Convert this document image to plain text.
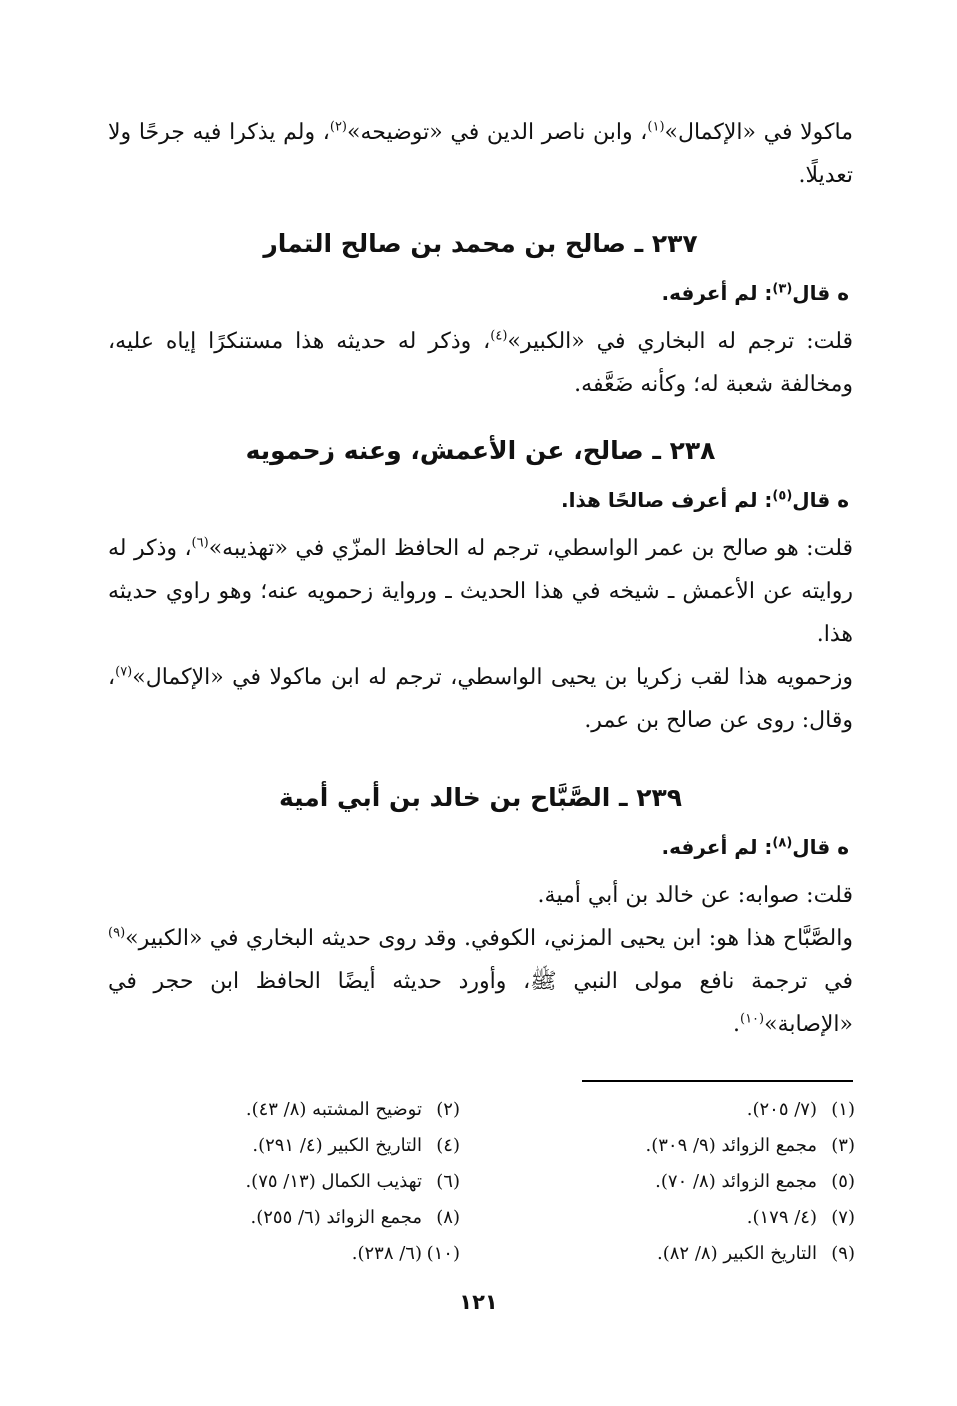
ماكولا في «الإكمال»$^{(١)}$، وابن ناصر الدين في «توضيحه»$^{(٢)}$، ولم يذكرا فيه جرحًا ولا تعديلًا.

٢٣٧ ـ صالح بن محمد بن صالح التمار

ه قال$^{(٣)}$: لم أعرفه.

قلت: ترجم له البخاري في «الكبير»$^{(٤)}$، وذكر له حديثه هذا مستنكرًا إياه عليه، ومخالفة شعبة له؛ وكأنه ضَعَّفه.

٢٣٨ ـ صالح، عن الأعمش، وعنه زحمويه

ه قال$^{(٥)}$: لم أعرف صالحًا هذا.

قلت: هو صالح بن عمر الواسطي، ترجم له الحافظ المزّي في «تهذيبه»$^{(٦)}$، وذكر له روايته عن الأعمش ـ شيخه في هذا الحديث ـ ورواية زحمويه عنه؛ وهو راوي حديثه هذا.

وزحمويه هذا لقب زكريا بن يحيى الواسطي، ترجم له ابن ماكولا في «الإكمال»$^{(٧)}$، وقال: روى عن صالح بن عمر.

٢٣٩ ـ الصَّبَّاح بن خالد بن أبي أمية

ه قال$^{(٨)}$: لم أعرفه.

قلت: صوابه: عن خالد بن أبي أمية.

والصَّبَّاح هذا هو: ابن يحيى المزني، الكوفي. وقد روى حديثه البخاري في «الكبير»$^{(٩)}$ في ترجمة نافع مولى النبي ﷺ، وأورد حديثه أيضًا الحافظ ابن حجر في «الإصابة»$^{(١٠)}$.

(١)(٧/ ٢٠٥).
(٣)مجمع الزوائد (٩/ ٣٠٩).
(٥)مجمع الزوائد (٨/ ٧٠).
(٧)(٤/ ١٧٩).
(٩)التاريخ الكبير (٨/ ٨٢).
(٢)توضيح المشتبه (٨/ ٤٣).
(٤)التاريخ الكبير (٤/ ٢٩١).
(٦)تهذيب الكمال (١٣/ ٧٥).
(٨)مجمع الزوائد (٦/ ٢٥٥).
(١٠)(٦/ ٢٣٨).
١٢١
